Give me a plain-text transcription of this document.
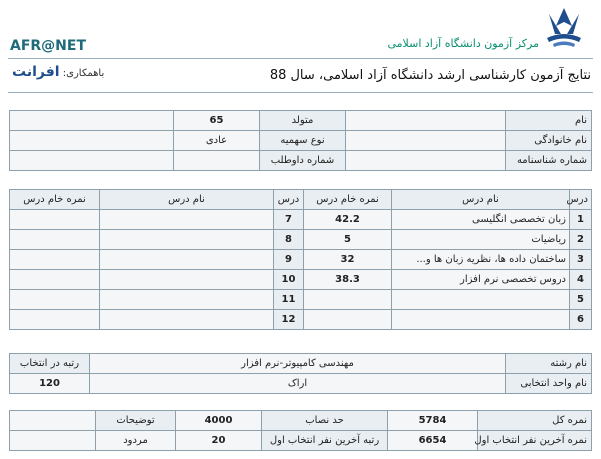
AFR@NET
باهمکاری: افرانت
مرکز آزمون دانشگاه آزاد اسلامی
نتایج آزمون کارشناسی ارشد دانشگاه آزاد اسلامی، سال 88
نام		متولد	65	
نام خانوادگی		نوع سهمیه	عادی	
شماره شناسنامه		شماره داوطلب		
درس	نام درس	نمره خام درس	درس	نام درس	نمره خام درس
1	زبان تخصصی انگلیسی	42.2	7		
2	ریاضیات	5	8		
3	ساختمان داده ها، نظریه زبان ها و...	32	9		
4	دروس تخصصی نرم افزار	38.3	10		
5			11		
6			12		
نام رشته	مهندسی کامپیوتر-نرم افزار	رتبه در انتخاب
نام واحد انتخابی	اراک	120
نمره کل	5784	حد نصاب	4000	توضیحات	
نمره آخرین نفر انتخاب اول	6654	رتبه آخرین نفر انتخاب اول	20	مردود	
